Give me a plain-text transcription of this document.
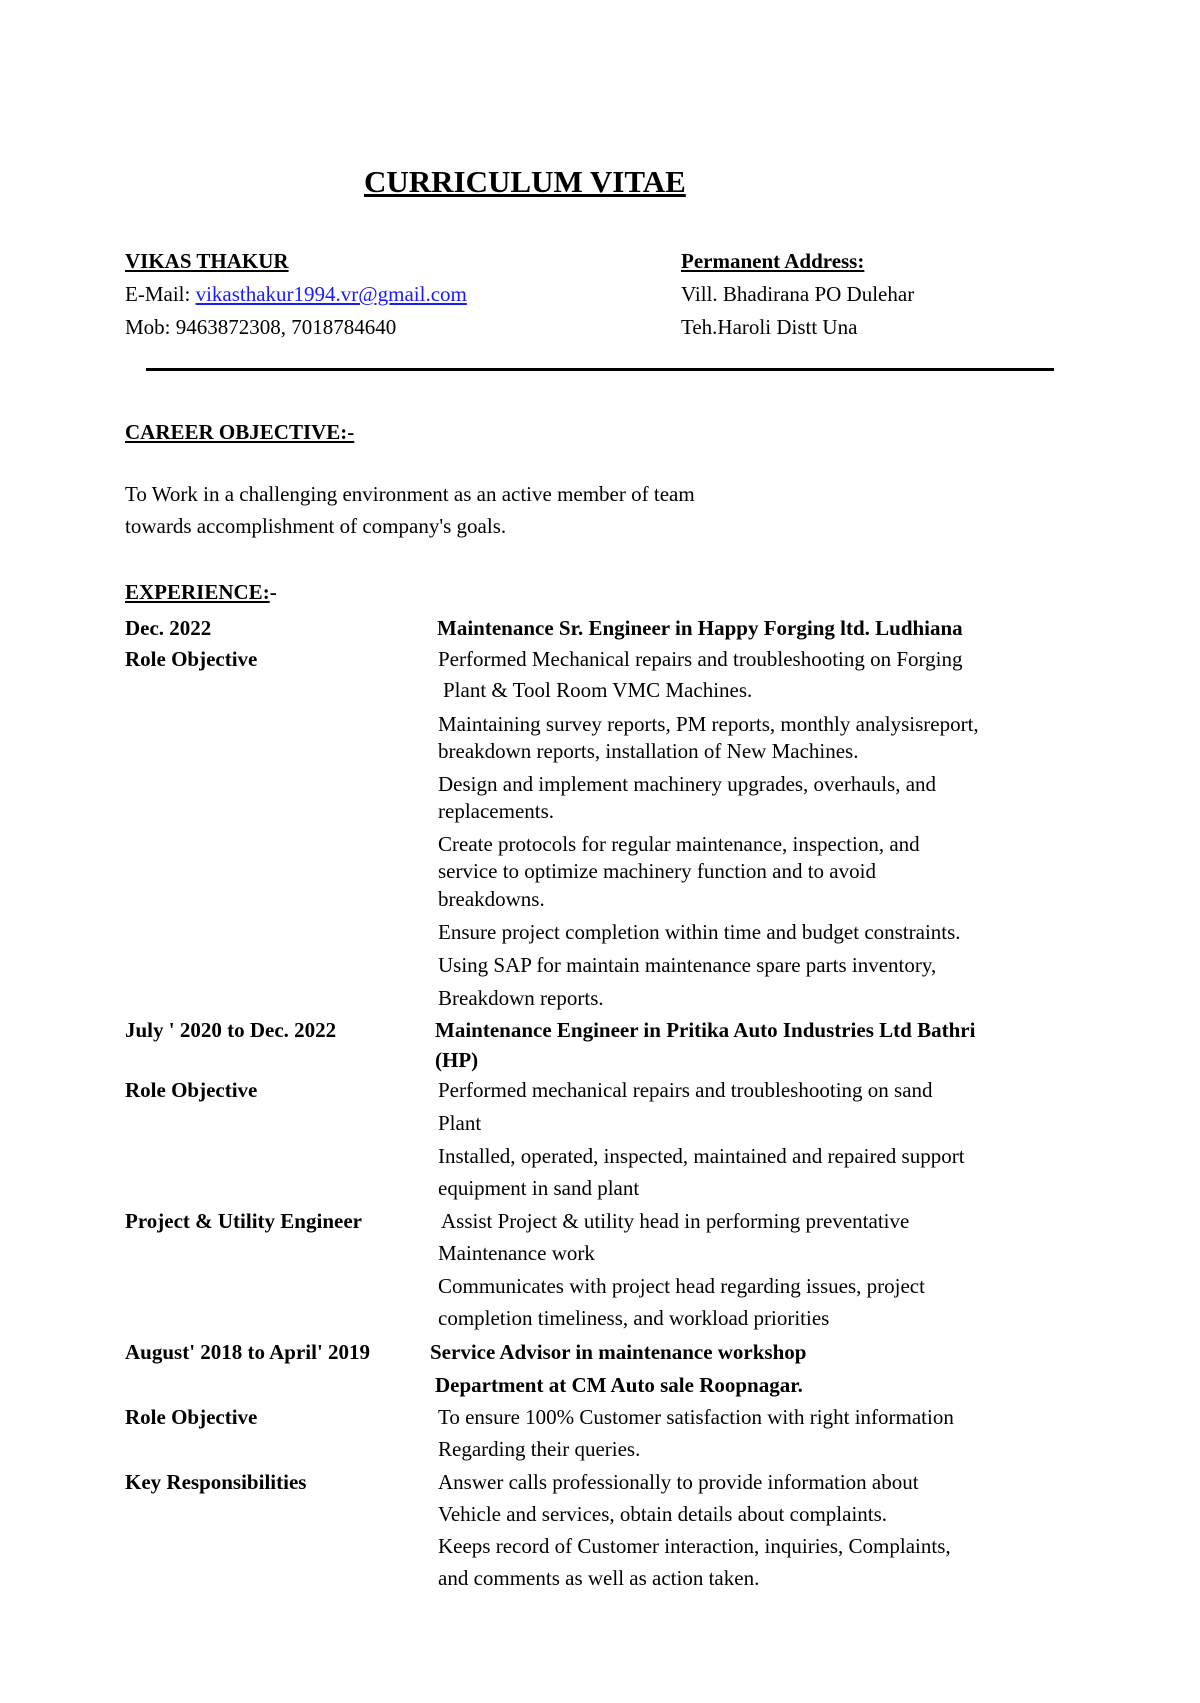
CURRICULUM VITAE
VIKAS THAKUR
E-Mail: vikasthakur1994.vr@gmail.com
Mob: 9463872308, 7018784640
Permanent Address:
Vill. Bhadirana PO Dulehar
Teh.Haroli Distt Una
CAREER OBJECTIVE:-
To Work in a challenging environment as an active member of team
towards accomplishment of company's goals.
EXPERIENCE:-
Dec. 2022	Maintenance Sr. Engineer in Happy Forging ltd. Ludhiana
Role Objective	Performed Mechanical repairs and troubleshooting on Forging
Plant & Tool Room VMC Machines.
Maintaining survey reports, PM reports, monthly analysisreport,
breakdown reports, installation of New Machines.
Design and implement machinery upgrades, overhauls, and
replacements.
Create protocols for regular maintenance, inspection, and
service to optimize machinery function and to avoid
breakdowns.
Ensure project completion within time and budget constraints.
Using SAP for maintain maintenance spare parts inventory,
Breakdown reports.
July ' 2020 to Dec. 2022	Maintenance Engineer in Pritika Auto Industries Ltd Bathri
(HP)
Role Objective	Performed mechanical repairs and troubleshooting on sand
Plant
Installed, operated, inspected, maintained and repaired support
equipment in sand plant
Project & Utility Engineer	Assist Project & utility head in performing preventative
Maintenance work
Communicates with project head regarding issues, project
completion timeliness, and workload priorities
August' 2018 to April' 2019	Service Advisor in maintenance workshop
Department at CM Auto sale Roopnagar.
Role Objective	To ensure 100% Customer satisfaction with right information
Regarding their queries.
Key Responsibilities	Answer calls professionally to provide information about
Vehicle and services, obtain details about complaints.
Keeps record of Customer interaction, inquiries, Complaints,
and comments as well as action taken.
